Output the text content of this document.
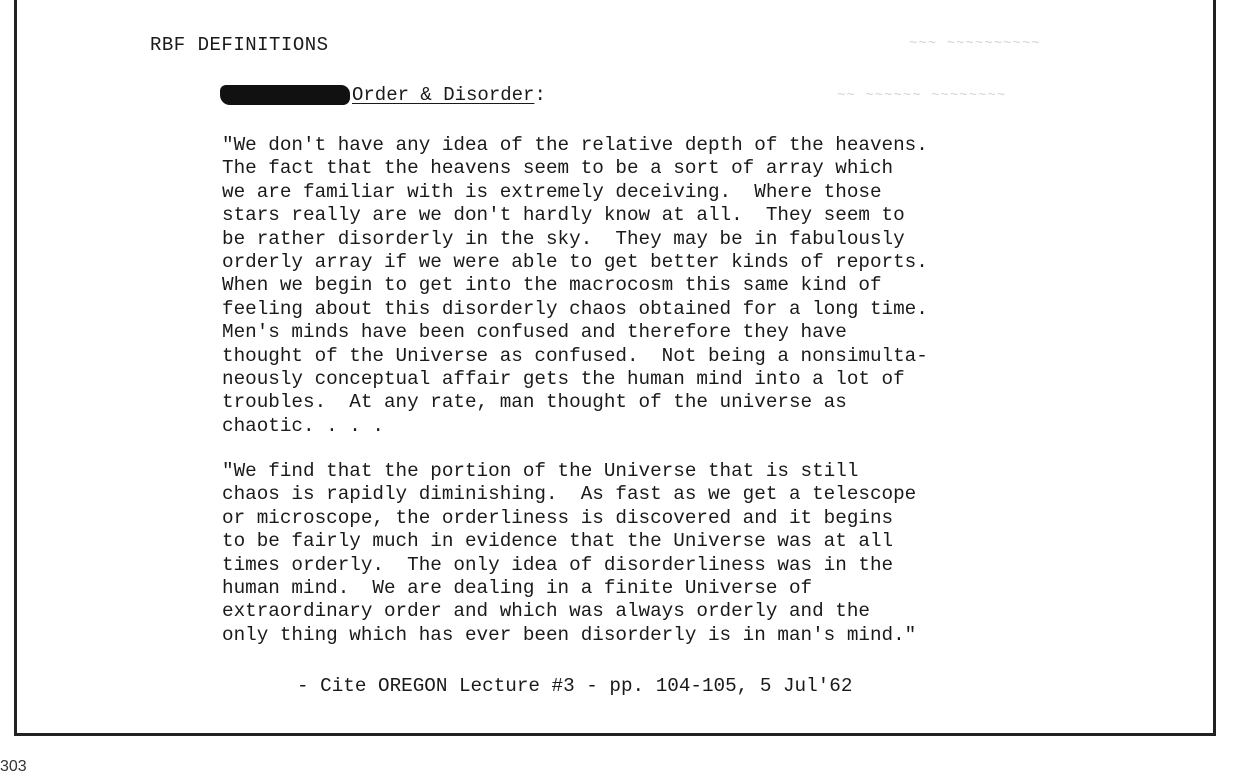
~~~ ~~~~~~~~~~
~~ ~~~~~~ ~~~~~~~~
RBF DEFINITIONS
Order & Disorder :
"We don't have any idea of the relative depth of the heavens.
The fact that the heavens seem to be a sort of array which
we are familiar with is extremely deceiving.  Where those
stars really are we don't hardly know at all.  They seem to
be rather disorderly in the sky.  They may be in fabulously
orderly array if we were able to get better kinds of reports.
When we begin to get into the macrocosm this same kind of
feeling about this disorderly chaos obtained for a long time.
Men's minds have been confused and therefore they have
thought of the Universe as confused.  Not being a nonsimulta-
neously conceptual affair gets the human mind into a lot of
troubles.  At any rate, man thought of the universe as
chaotic. . . .
"We find that the portion of the Universe that is still
chaos is rapidly diminishing.  As fast as we get a telescope
or microscope, the orderliness is discovered and it begins
to be fairly much in evidence that the Universe was at all
times orderly.  The only idea of disorderliness was in the
human mind.  We are dealing in a finite Universe of
extraordinary order and which was always orderly and the
only thing which has ever been disorderly is in man's mind."
- Cite OREGON Lecture #3 - pp. 104-105, 5 Jul'62
303
